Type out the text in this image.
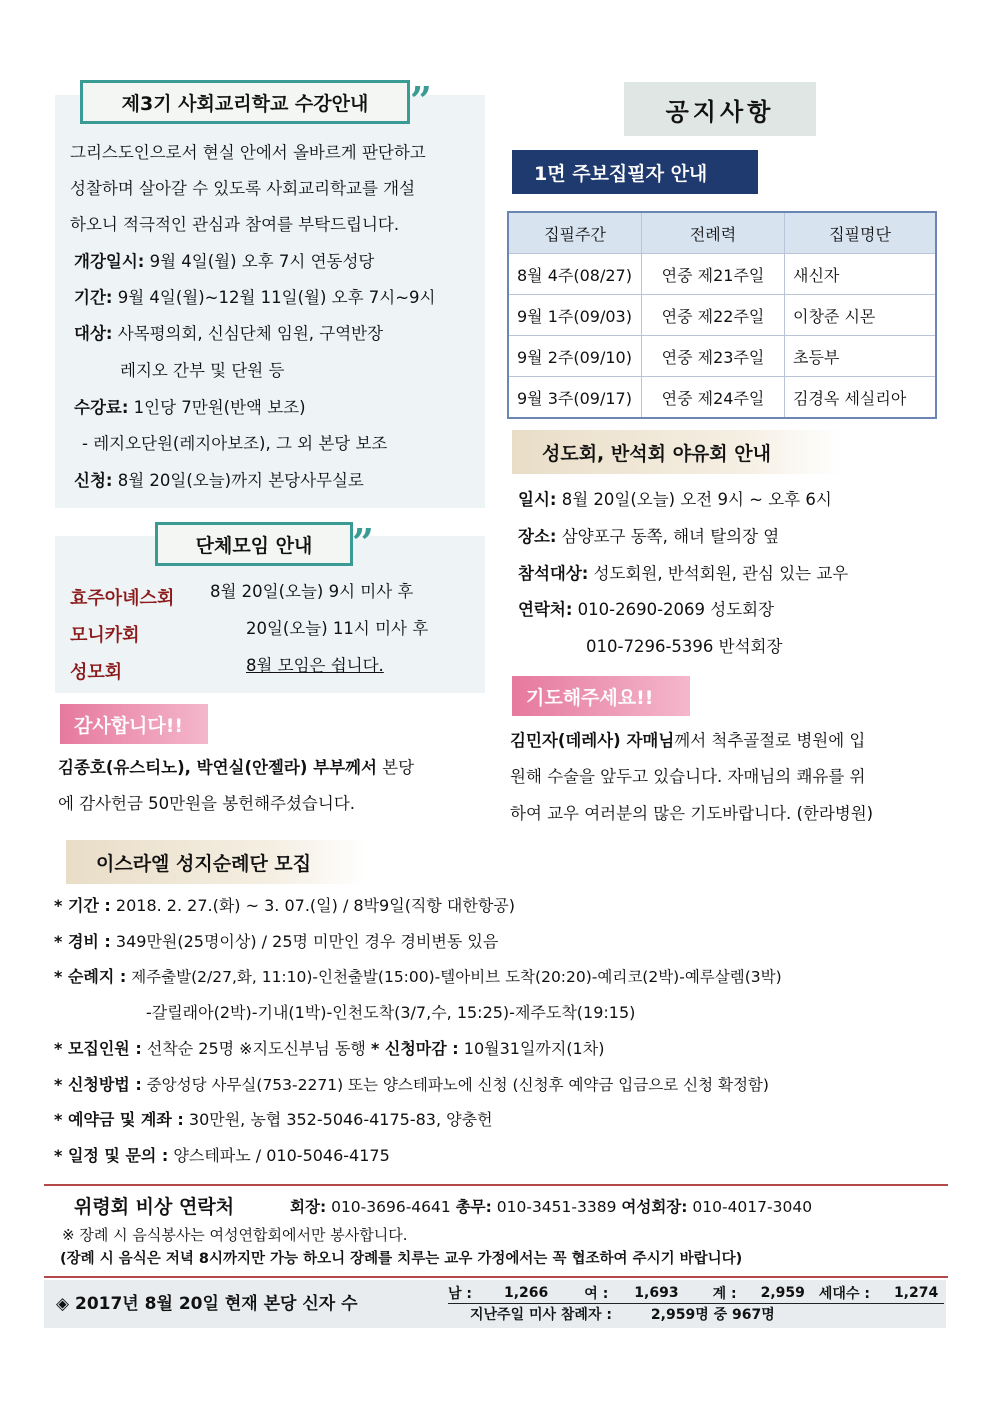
제3기 사회교리학교 수강안내 ”
그리스도인으로서 현실 안에서 올바르게 판단하고
성찰하며 살아갈 수 있도록 사회교리학교를 개설
하오니 적극적인 관심과 참여를 부탁드립니다.
개강일시: 9월 4일(월) 오후 7시 연동성당
기간: 9월 4일(월)~12월 11일(월) 오후 7시~9시
대상: 사목평의회, 신심단체 임원, 구역반장
레지오 간부 및 단원 등
수강료: 1인당 7만원(반액 보조)
- 레지오단원(레지아보조), 그 외 본당 보조
신청: 8월 20일(오늘)까지 본당사무실로
단체모임 안내 ”
효주아녜스회 8월 20일(오늘) 9시 미사 후
모니카회	20일(오늘) 11시 미사 후
성모회	8월 모임은 쉽니다.
감사합니다!!
김종호(유스티노), 박연실(안젤라) 부부께서 본당
에 감사헌금 50만원을 봉헌해주셨습니다.
공지사항
1면 주보집필자 안내
집필주간	전례력	집필명단
8월 4주(08/27)	연중 제21주일	새신자
9월 1주(09/03)	연중 제22주일	이창준 시몬
9월 2주(09/10)	연중 제23주일	초등부
9월 3주(09/17)	연중 제24주일	김경옥 세실리아
성도회, 반석회 야유회 안내
일시: 8월 20일(오늘) 오전 9시 ~ 오후 6시
장소: 삼양포구 동쪽, 해녀 탈의장 옆
참석대상: 성도회원, 반석회원, 관심 있는 교우
연락처: 010-2690-2069 성도회장
010-7296-5396 반석회장
기도해주세요!!
김민자(데레사) 자매님께서 척추골절로 병원에 입
원해 수술을 앞두고 있습니다. 자매님의 쾌유를 위
하여 교우 여러분의 많은 기도바랍니다. (한라병원)
이스라엘 성지순례단 모집
* 기간 : 2018. 2. 27.(화) ~ 3. 07.(일) / 8박9일(직항 대한항공)
* 경비 : 349만원(25명이상) / 25명 미만인 경우 경비변동 있음
* 순례지 : 제주출발(2/27,화, 11:10)-인천출발(15:00)-텔아비브 도착(20:20)-예리코(2박)-예루살렘(3박)
-갈릴래아(2박)-기내(1박)-인천도착(3/7,수, 15:25)-제주도착(19:15)
* 모집인원 : 선착순 25명 ※지도신부님 동행 * 신청마감 : 10월31일까지(1차)
* 신청방법 : 중앙성당 사무실(753-2271) 또는 양스테파노에 신청 (신청후 예약금 입금으로 신청 확정함)
* 예약금 및 계좌 : 30만원, 농협 352-5046-4175-83, 양충헌
* 일정 및 문의 : 양스테파노 / 010-5046-4175
위령회 비상 연락처	회장: 010-3696-4641 총무: 010-3451-3389 여성회장: 010-4017-3040
※ 장례 시 음식봉사는 여성연합회에서만 봉사합니다.
(장례 시 음식은 저녁 8시까지만 가능 하오니 장례를 치루는 교우 가정에서는 꼭 협조하여 주시기 바랍니다)
◈ 2017년 8월 20일 현재 본당 신자 수	남 : 1,266	여 : 1,693 계 : 2,959 세대수 : 1,274
지난주일 미사 참례자 :        2,959명 중 967명
